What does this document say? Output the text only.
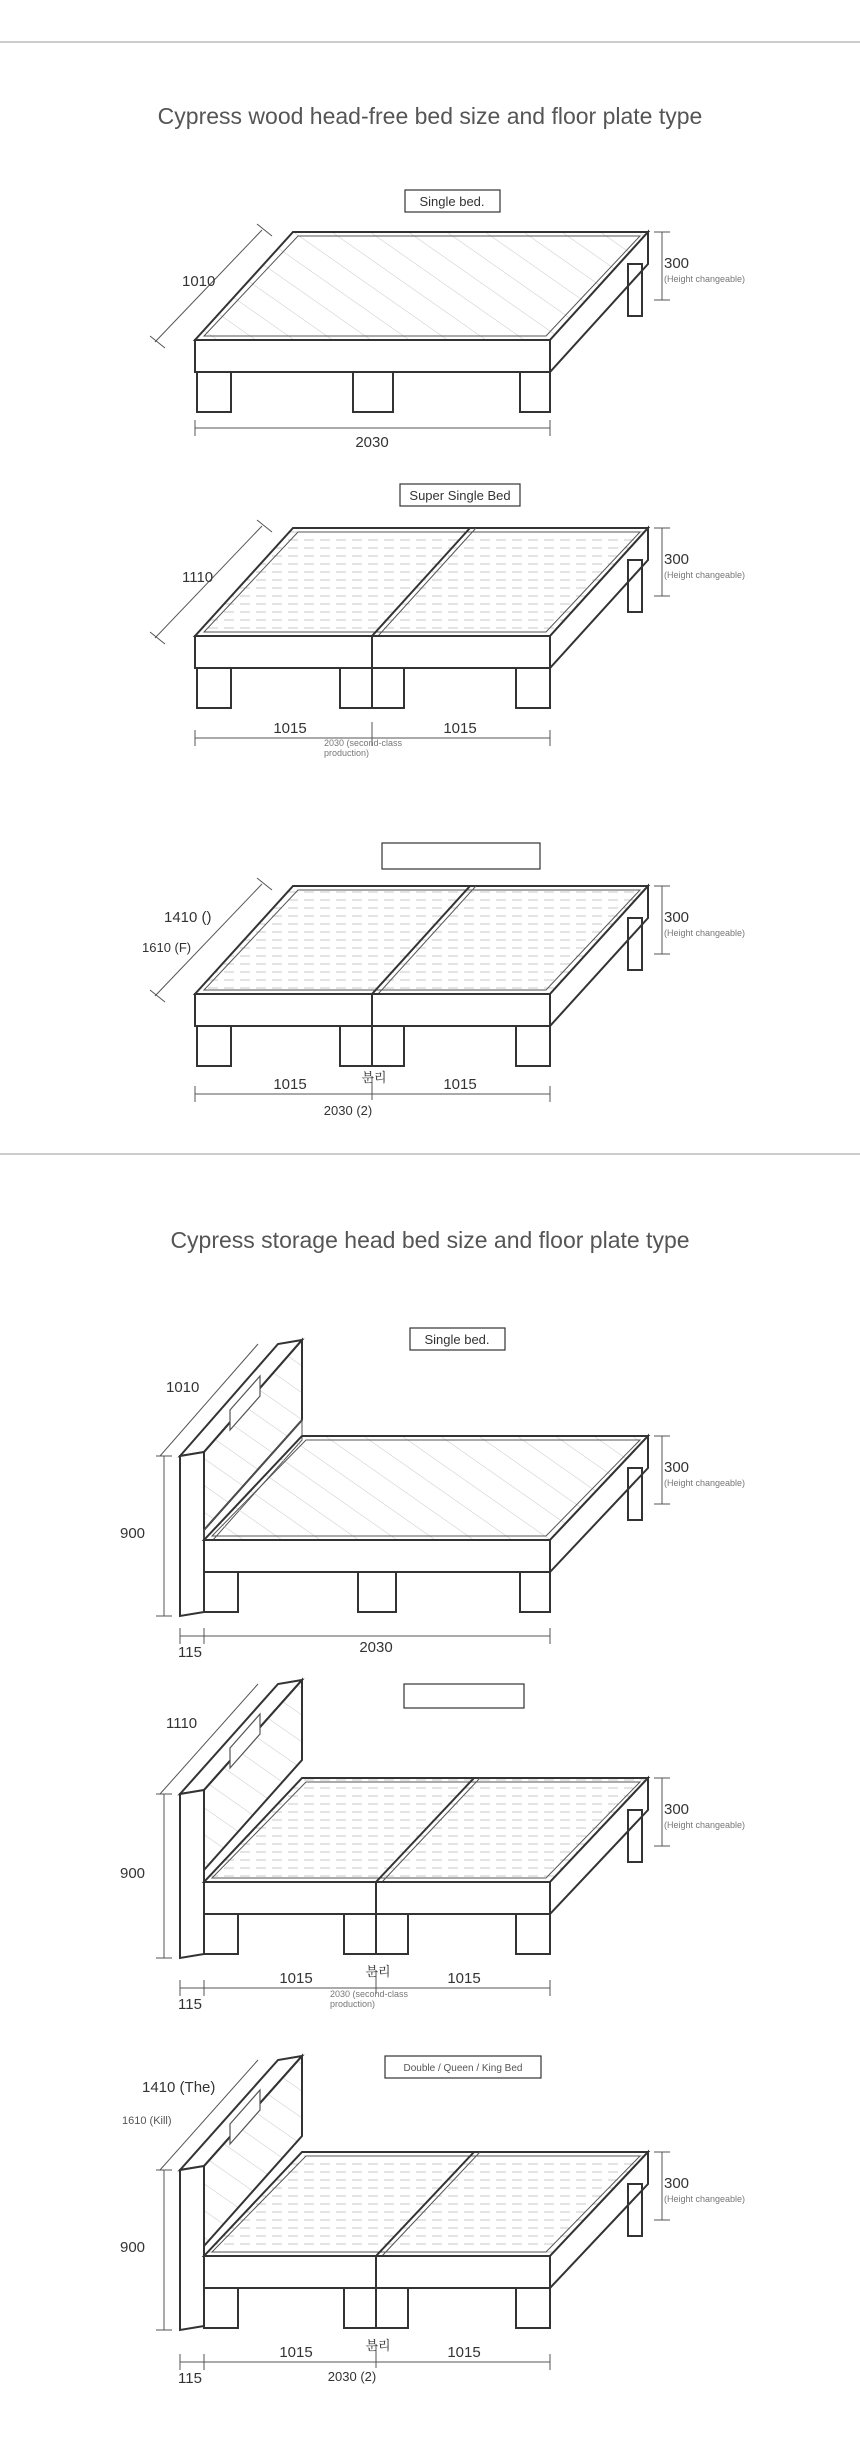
Cypress wood head-free bed size and floor plate type
Single bed.
1010
2030
300
(Height changeable)
Super Single Bed
1110
1015	1015
2030 (second-class production)
300
(Height changeable)
1410 ()
1610 (F)
1015	1015
분리
2030 (2)
300
(Height changeable)
Cypress storage head bed size and floor plate type
Single bed.
1010
900
115	2030
300
(Height changeable)
1110
900
115
1015	1015
분리
2030 (second-class production)
300
(Height changeable)
Double / Queen / King Bed
1410 (The)
1610 (Kill)
900
115
1015	1015
분리
2030 (2)
300
(Height changeable)
